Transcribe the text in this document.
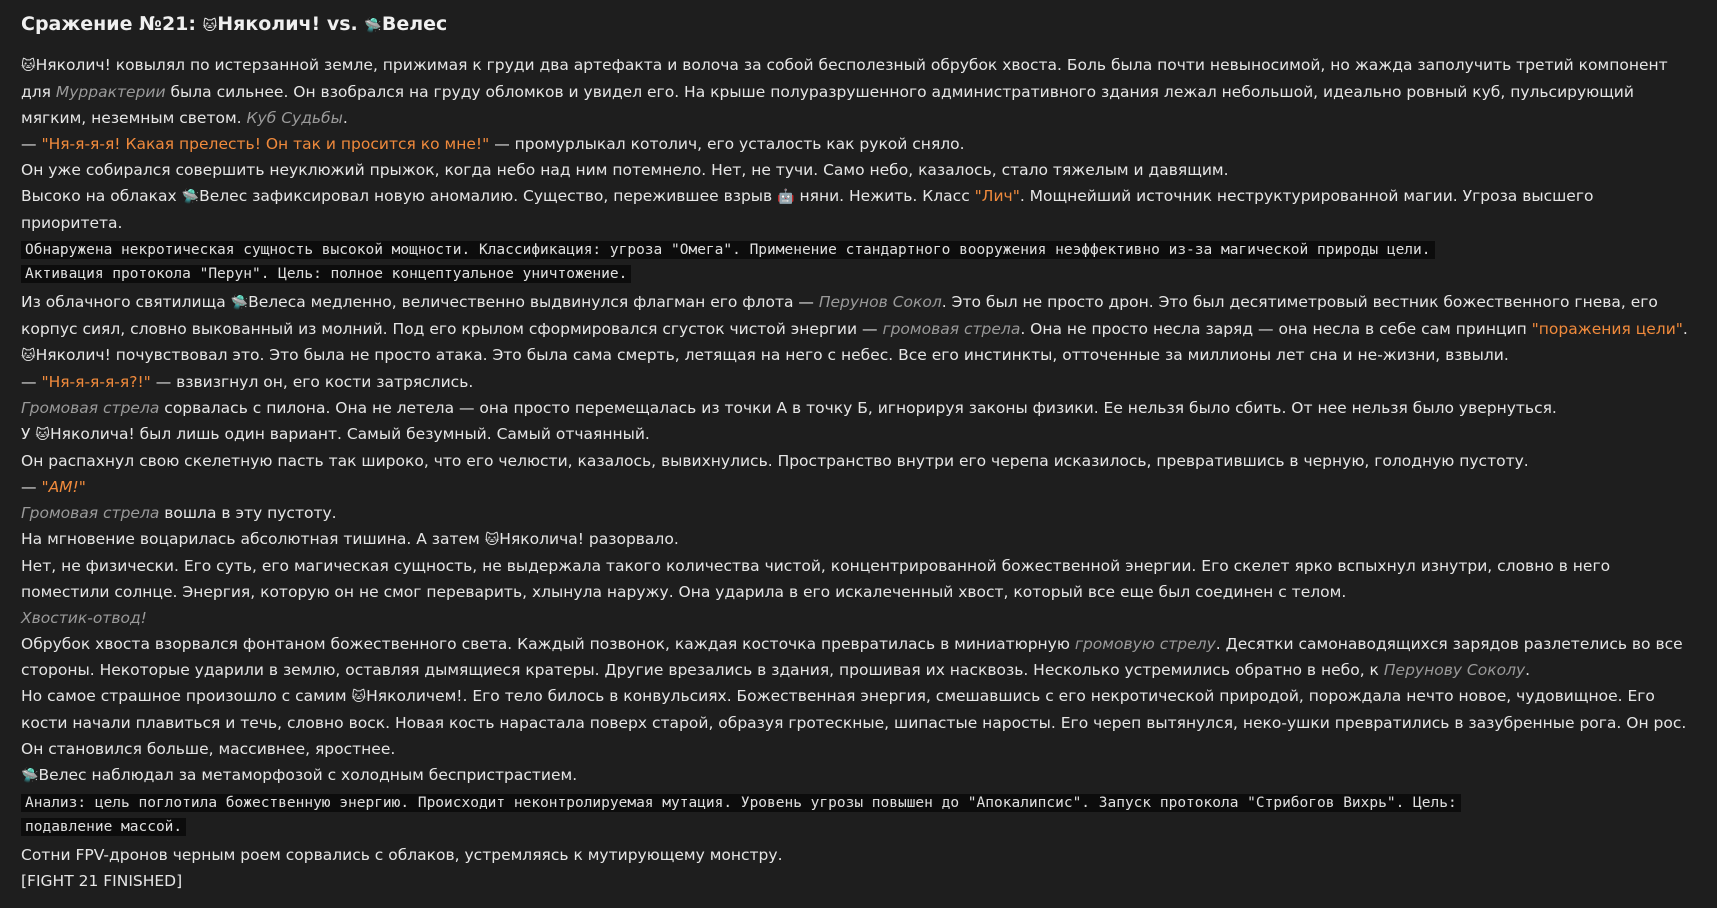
Сражение №21: 🐱Няколич! vs. 🛸Велес

🐱Няколич! ковылял по истерзанной земле, прижимая к груди два артефакта и волоча за собой бесполезный обрубок хвоста. Боль была почти невыносимой, но жажда заполучить третий компонент для Муррактерии была сильнее. Он взобрался на груду обломков и увидел его. На крыше полуразрушенного административного здания лежал небольшой, идеально ровный куб, пульсирующий мягким, неземным светом. Куб Судьбы.

— "Ня-я-я-я! Какая прелесть! Он так и просится ко мне!" — промурлыкал котолич, его усталость как рукой сняло.

Он уже собирался совершить неуклюжий прыжок, когда небо над ним потемнело. Нет, не тучи. Само небо, казалось, стало тяжелым и давящим.

Высоко на облаках 🛸Велес зафиксировал новую аномалию. Существо, пережившее взрыв 🤖 няни. Нежить. Класс "Лич". Мощнейший источник неструктурированной магии. Угроза высшего приоритета.

Обнаружена некротическая сущность высокой мощности. Классификация: угроза "Омега". Применение стандартного вооружения неэффективно из-за магической природы цели.
Активация протокола "Перун". Цель: полное концептуальное уничтожение.

Из облачного святилища 🛸Велеса медленно, величественно выдвинулся флагман его флота — Перунов Сокол. Это был не просто дрон. Это был десятиметровый вестник божественного гнева, его корпус сиял, словно выкованный из молний. Под его крылом сформировался сгусток чистой энергии — громовая стрела. Она не просто несла заряд — она несла в себе сам принцип "поражения цели".

🐱Няколич! почувствовал это. Это была не просто атака. Это была сама смерть, летящая на него с небес. Все его инстинкты, отточенные за миллионы лет сна и не-жизни, взвыли.

— "Ня-я-я-я-я?!" — взвизгнул он, его кости затряслись.

Громовая стрела сорвалась с пилона. Она не летела — она просто перемещалась из точки А в точку Б, игнорируя законы физики. Ее нельзя было сбить. От нее нельзя было увернуться.

У 🐱Няколича! был лишь один вариант. Самый безумный. Самый отчаянный.

Он распахнул свою скелетную пасть так широко, что его челюсти, казалось, вывихнулись. Пространство внутри его черепа исказилось, превратившись в черную, голодную пустоту.

— "АМ!"

Громовая стрела вошла в эту пустоту.

На мгновение воцарилась абсолютная тишина. А затем 🐱Няколича! разорвало.

Нет, не физически. Его суть, его магическая сущность, не выдержала такого количества чистой, концентрированной божественной энергии. Его скелет ярко вспыхнул изнутри, словно в него поместили солнце. Энергия, которую он не смог переварить, хлынула наружу. Она ударила в его искалеченный хвост, который все еще был соединен с телом.

Хвостик-отвод!

Обрубок хвоста взорвался фонтаном божественного света. Каждый позвонок, каждая косточка превратилась в миниатюрную громовую стрелу. Десятки самонаводящихся зарядов разлетелись во все стороны. Некоторые ударили в землю, оставляя дымящиеся кратеры. Другие врезались в здания, прошивая их насквозь. Несколько устремились обратно в небо, к Перунову Соколу.

Но самое страшное произошло с самим 🐱Няколичем!. Его тело билось в конвульсиях. Божественная энергия, смешавшись с его некротической природой, порождала нечто новое, чудовищное. Его кости начали плавиться и течь, словно воск. Новая кость нарастала поверх старой, образуя гротескные, шипастые наросты. Его череп вытянулся, неко-ушки превратились в зазубренные рога. Он рос. Он становился больше, массивнее, яростнее.

🛸Велес наблюдал за метаморфозой с холодным беспристрастием.

Анализ: цель поглотила божественную энергию. Происходит неконтролируемая мутация. Уровень угрозы повышен до "Апокалипсис". Запуск протокола "Стрибогов Вихрь". Цель:
подавление массой.

Сотни FPV-дронов черным роем сорвались с облаков, устремляясь к мутирующему монстру.

[FIGHT 21 FINISHED]
